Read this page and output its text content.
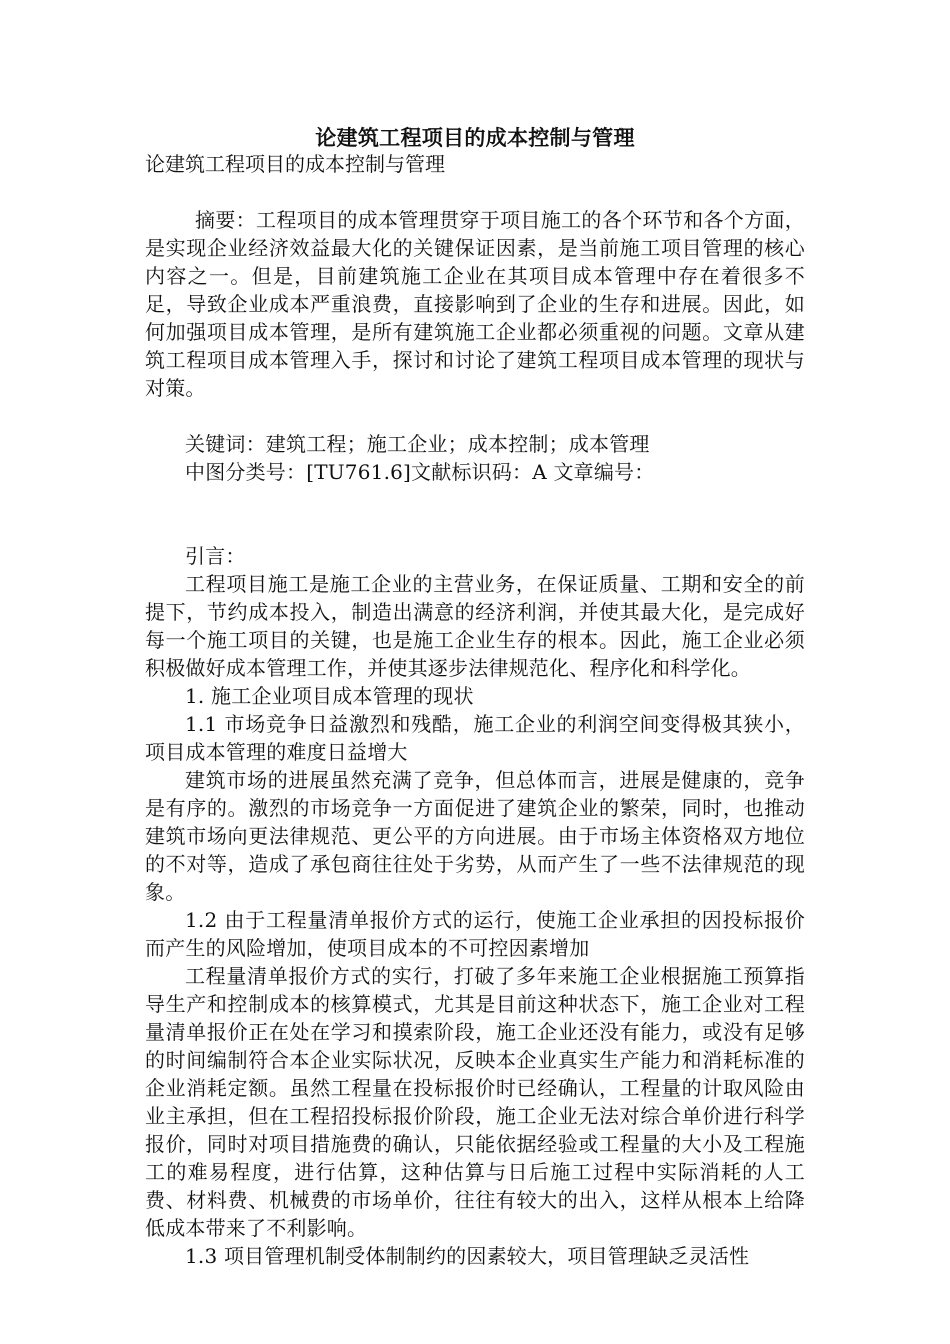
论建筑工程项目的成本控制与管理
论建筑工程项目的成本控制与管理

摘要：工程项目的成本管理贯穿于项目施工的各个环节和各个方面，是实现企业经济效益最大化的关键保证因素，是当前施工项目管理的核心内容之一。但是，目前建筑施工企业在其项目成本管理中存在着很多不足，导致企业成本严重浪费，直接影响到了企业的生存和进展。因此，如何加强项目成本管理，是所有建筑施工企业都必须重视的问题。文章从建筑工程项目成本管理入手，探讨和讨论了建筑工程项目成本管理的现状与对策。

关键词：建筑工程；施工企业；成本控制；成本管理

中图分类号：[TU761.6]文献标识码：A 文章编号：

引言：

工程项目施工是施工企业的主营业务，在保证质量、工期和安全的前提下，节约成本投入，制造出满意的经济利润，并使其最大化，是完成好每一个施工项目的关键，也是施工企业生存的根本。因此，施工企业必须积极做好成本管理工作，并使其逐步法律规范化、程序化和科学化。

1. 施工企业项目成本管理的现状

1.1 市场竞争日益激烈和残酷，施工企业的利润空间变得极其狭小，项目成本管理的难度日益增大

建筑市场的进展虽然充满了竞争，但总体而言，进展是健康的，竞争是有序的。激烈的市场竞争一方面促进了建筑企业的繁荣，同时，也推动建筑市场向更法律规范、更公平的方向进展。由于市场主体资格双方地位的不对等，造成了承包商往往处于劣势，从而产生了一些不法律规范的现象。

1.2 由于工程量清单报价方式的运行，使施工企业承担的因投标报价而产生的风险增加，使项目成本的不可控因素增加

工程量清单报价方式的实行，打破了多年来施工企业根据施工预算指导生产和控制成本的核算模式，尤其是目前这种状态下，施工企业对工程量清单报价正在处在学习和摸索阶段，施工企业还没有能力，或没有足够的时间编制符合本企业实际状况，反映本企业真实生产能力和消耗标准的企业消耗定额。虽然工程量在投标报价时已经确认，工程量的计取风险由业主承担，但在工程招投标报价阶段，施工企业无法对综合单价进行科学报价，同时对项目措施费的确认，只能依据经验或工程量的大小及工程施工的难易程度，进行估算，这种估算与日后施工过程中实际消耗的人工费、材料费、机械费的市场单价，往往有较大的出入，这样从根本上给降低成本带来了不利影响。

1.3 项目管理机制受体制制约的因素较大，项目管理缺乏灵活性
